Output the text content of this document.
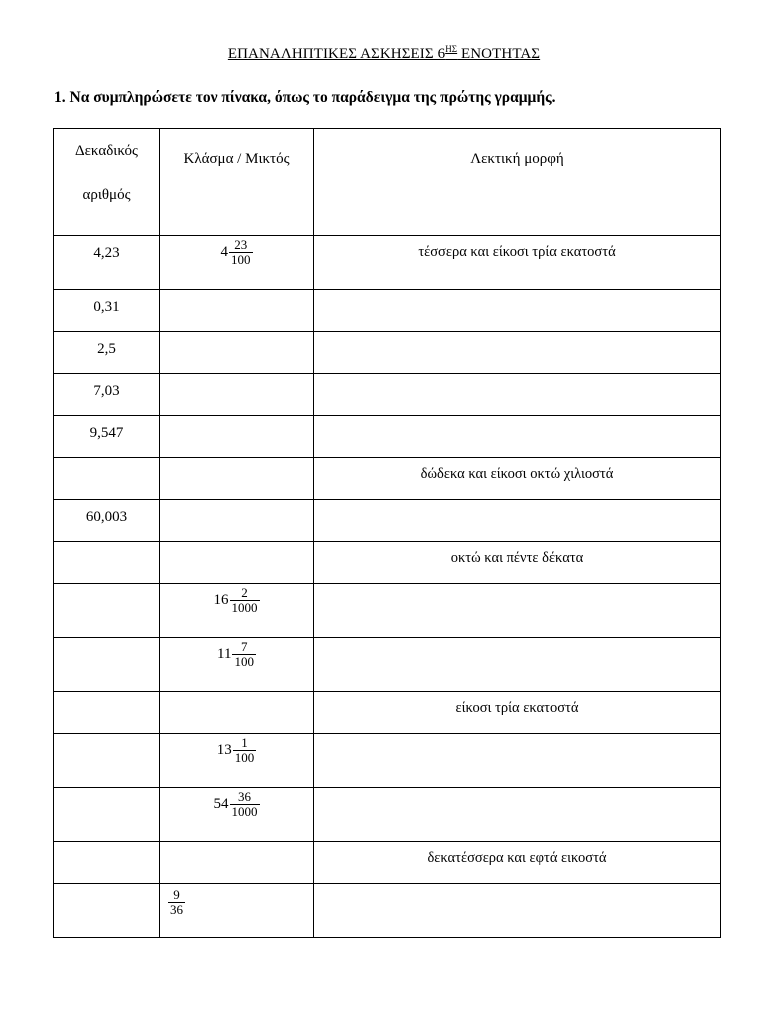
ΕΠΑΝΑΛΗΠΤΙΚΕΣ ΑΣΚΗΣΕΙΣ $6^{H\Sigma}$ ΕΝΟΤΗΤΑΣ
1. Να συμπληρώσετε τον πίνακα, όπως το παράδειγμα της πρώτης γραμμής.
Δεκαδικός
αριθμός	Κλάσμα / Μικτός	Λεκτική μορφή
4,23	$4 \frac{23}{100}$	τέσσερα και είκοσι τρία εκατοστά
0,31		
2,5		
7,03		
9,547		
		δώδεκα και είκοσι οκτώ χιλιοστά
60,003		
		οκτώ και πέντε δέκατα

	$16 \frac{2}{1000}$

	$11 \frac{7}{100}$

		είκοσι τρία εκατοστά

	$13 \frac{1}{100}$

	$54 \frac{36}{1000}$

		δεκατέσσερα και εφτά εικοστά

	$\frac{9}{36}$
